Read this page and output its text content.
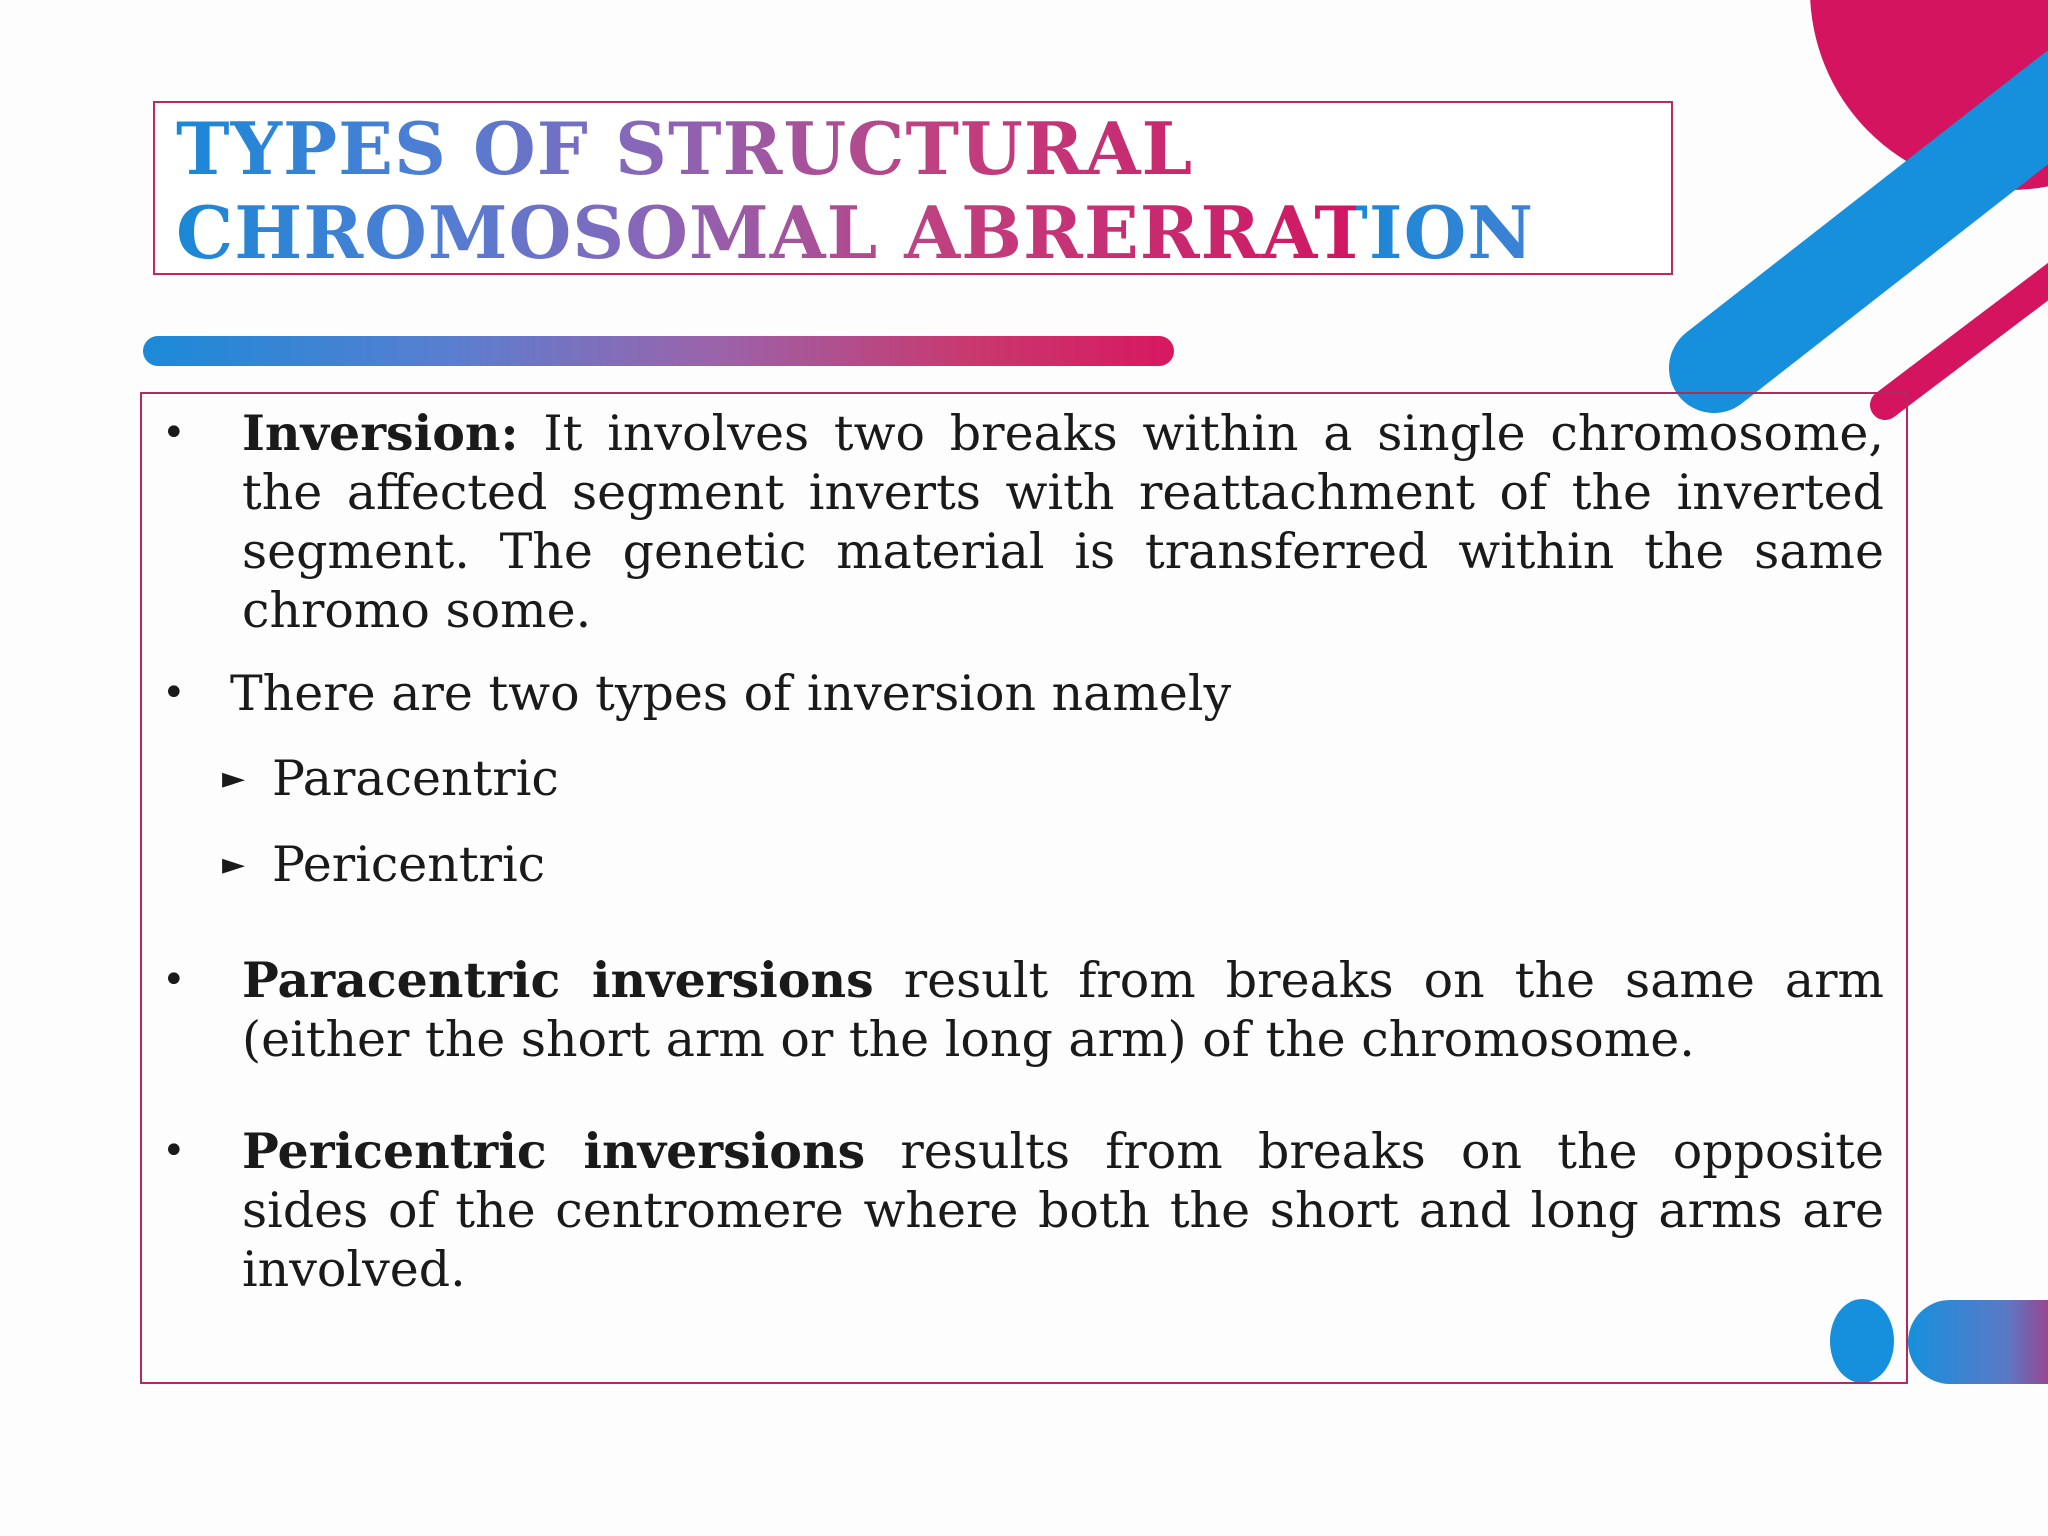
TYPES OF STRUCTURAL
CHROMOSOMAL ABRERRATION
• Inversion: It involves two breaks within a single chromosome, the affected segment inverts with reattachment of the inverted segment. The genetic material is transferred within the same chromo some.
• There are two types of inversion namely
► Paracentric
► Pericentric
• Paracentric inversions result from breaks on the same arm (either the short arm or the long arm) of the chromosome.
• Pericentric inversions results from breaks on the opposite sides of the centromere where both the short and long arms are involved.
